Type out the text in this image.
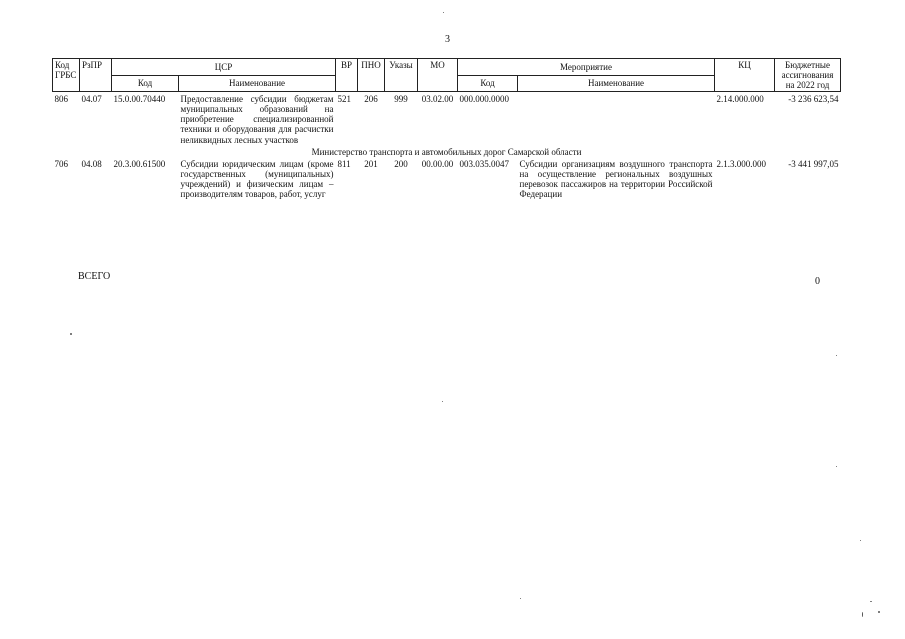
3
Код ГРБС	РзПР	ЦСР		ВР	ПНО	Указы	МО	Мероприятие		КЦ	Бюджетные ассигнования на 2022 год
		Код	Наименование					Код	Наименование		
806	04.07	15.0.00.70440	Предоставление субсидии бюджетам муниципальных образований на приобретение специализированной техники и оборудования для расчистки неликвидных лесных участков	521	206	999	03.02.00	000.000.0000		2.14.000.000	-3 236 623,54
Министерство транспорта и автомобильных дорог Самарской области											
706	04.08	20.3.00.61500	Субсидии юридическим лицам (кроме государственных (муниципальных) учреждений) и физическим лицам – производителям товаров, работ, услуг	811	201	200	00.00.00	003.035.0047	Субсидии организациям воздушного транспорта на осуществление региональных воздушных перевозок пассажиров на территории Российской Федерации	2.1.3.000.000	-3 441 997,05
ВСЕГО	0
